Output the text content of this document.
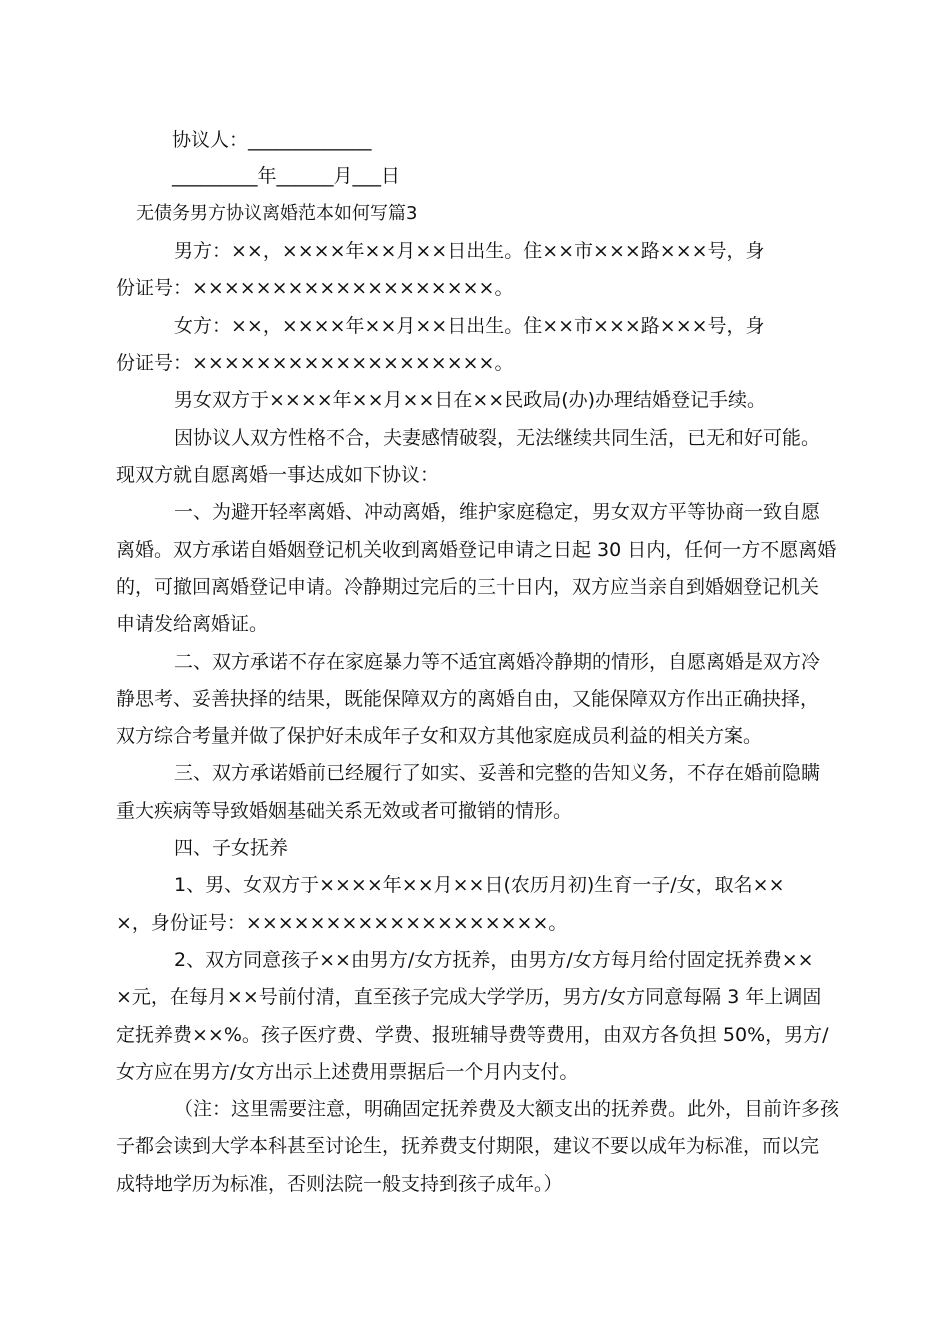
协议人：_____________
_________年______月___日
无债务男方协议离婚范本如何写篇3
男方：××，××××年××月××日出生。住××市×××路×××号，身
份证号：×××××××××××××××××××。
女方：××，××××年××月××日出生。住××市×××路×××号，身
份证号：×××××××××××××××××××。
男女双方于××××年××月××日在××民政局(办)办理结婚登记手续。
因协议人双方性格不合，夫妻感情破裂，无法继续共同生活，已无和好可能。
现双方就自愿离婚一事达成如下协议：
一、为避开轻率离婚、冲动离婚，维护家庭稳定，男女双方平等协商一致自愿
离婚。双方承诺自婚姻登记机关收到离婚登记申请之日起 30 日内，任何一方不愿离婚
的，可撤回离婚登记申请。冷静期过完后的三十日内，双方应当亲自到婚姻登记机关
申请发给离婚证。
二、双方承诺不存在家庭暴力等不适宜离婚冷静期的情形，自愿离婚是双方冷
静思考、妥善抉择的结果，既能保障双方的离婚自由，又能保障双方作出正确抉择，
双方综合考量并做了保护好未成年子女和双方其他家庭成员利益的相关方案。
三、双方承诺婚前已经履行了如实、妥善和完整的告知义务，不存在婚前隐瞒
重大疾病等导致婚姻基础关系无效或者可撤销的情形。
四、子女抚养
1、男、女双方于××××年××月××日(农历月初)生育一子/女，取名××
×，身份证号：×××××××××××××××××××。
2、双方同意孩子××由男方/女方抚养，由男方/女方每月给付固定抚养费××
×元，在每月××号前付清，直至孩子完成大学学历，男方/女方同意每隔 3 年上调固
定抚养费××%。孩子医疗费、学费、报班辅导费等费用，由双方各负担 50%，男方/
女方应在男方/女方出示上述费用票据后一个月内支付。
（注：这里需要注意，明确固定抚养费及大额支出的抚养费。此外，目前许多孩
子都会读到大学本科甚至讨论生，抚养费支付期限，建议不要以成年为标准，而以完
成特地学历为标准，否则法院一般支持到孩子成年。）
